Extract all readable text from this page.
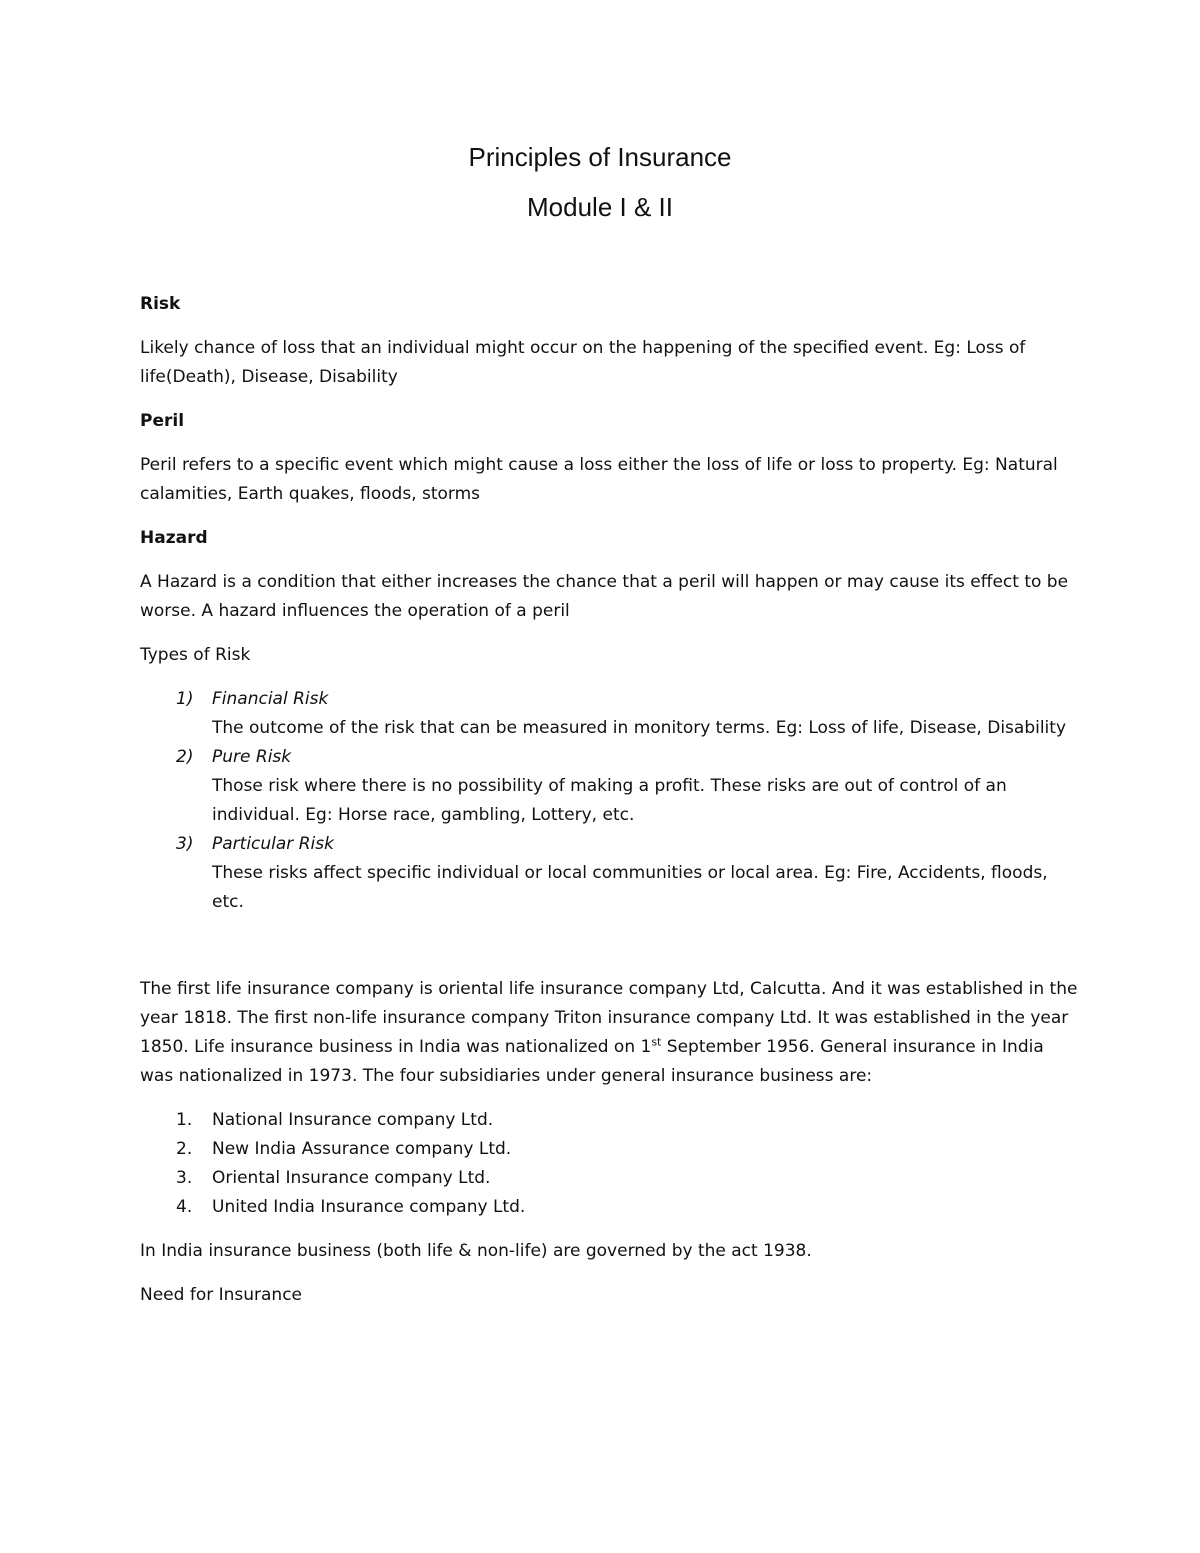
Principles of Insurance
Module I & II
Risk

Likely chance of loss that an individual might occur on the happening of the specified event. Eg: Loss of life(Death), Disease, Disability

Peril

Peril refers to a specific event which might cause a loss either the loss of life or loss to property. Eg: Natural calamities, Earth quakes, floods, storms

Hazard

A Hazard is a condition that either increases the chance that a peril will happen or may cause its effect to be worse. A hazard influences the operation of a peril

Types of Risk

1) Financial Risk
The outcome of the risk that can be measured in monitory terms. Eg: Loss of life, Disease, Disability
2) Pure Risk
Those risk where there is no possibility of making a profit. These risks are out of control of an individual. Eg: Horse race, gambling, Lottery, etc.
3) Particular Risk
These risks affect specific individual or local communities or local area. Eg: Fire, Accidents, floods, etc.

The first life insurance company is oriental life insurance company Ltd, Calcutta. And it was established in the year 1818. The first non-life insurance company Triton insurance company Ltd. It was established in the year 1850. Life insurance business in India was nationalized on 1st September 1956. General insurance in India was nationalized in 1973. The four subsidiaries under general insurance business are:

1. National Insurance company Ltd.
2. New India Assurance company Ltd.
3. Oriental Insurance company Ltd.
4. United India Insurance company Ltd.

In India insurance business (both life & non-life) are governed by the act 1938.

Need for Insurance
